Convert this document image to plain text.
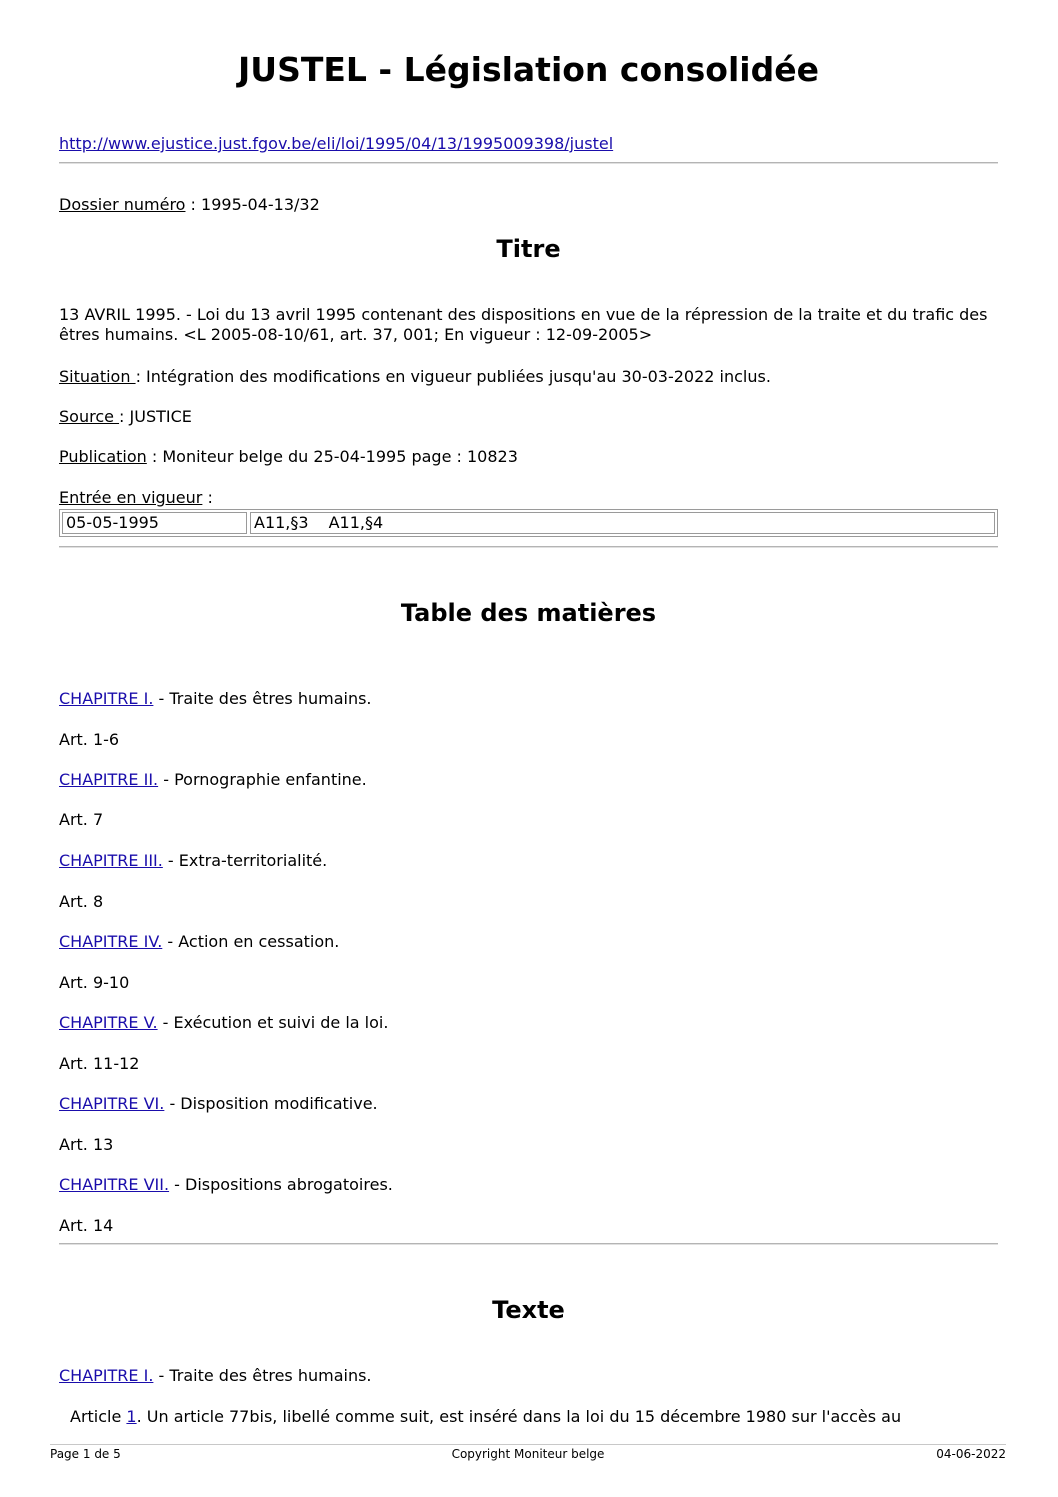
JUSTEL - Législation consolidée
http://www.ejustice.just.fgov.be/eli/loi/1995/04/13/1995009398/justel
Dossier numéro : 1995-04-13/32
Titre
13 AVRIL 1995. - Loi du 13 avril 1995 contenant des dispositions en vue de la répression de la traite et du trafic des êtres humains. <L 2005-08-10/61, art. 37, 001; En vigueur : 12-09-2005>
Situation : Intégration des modifications en vigueur publiées jusqu'au 30-03-2022 inclus.
Source : JUSTICE
Publication : Moniteur belge du 25-04-1995 page : 10823
Entrée en vigueur :
05-05-1995	A11,§3 A11,§4
Table des matières
CHAPITRE I. - Traite des êtres humains.
Art. 1-6
CHAPITRE II. - Pornographie enfantine.
Art. 7
CHAPITRE III. - Extra-territorialité.
Art. 8
CHAPITRE IV. - Action en cessation.
Art. 9-10
CHAPITRE V. - Exécution et suivi de la loi.
Art. 11-12
CHAPITRE VI. - Disposition modificative.
Art. 13
CHAPITRE VII. - Dispositions abrogatoires.
Art. 14
Texte
CHAPITRE I. - Traite des êtres humains.
Article 1. Un article 77bis, libellé comme suit, est inséré dans la loi du 15 décembre 1980 sur l'accès au
Page 1 de 5	Copyright Moniteur belge	04-06-2022
